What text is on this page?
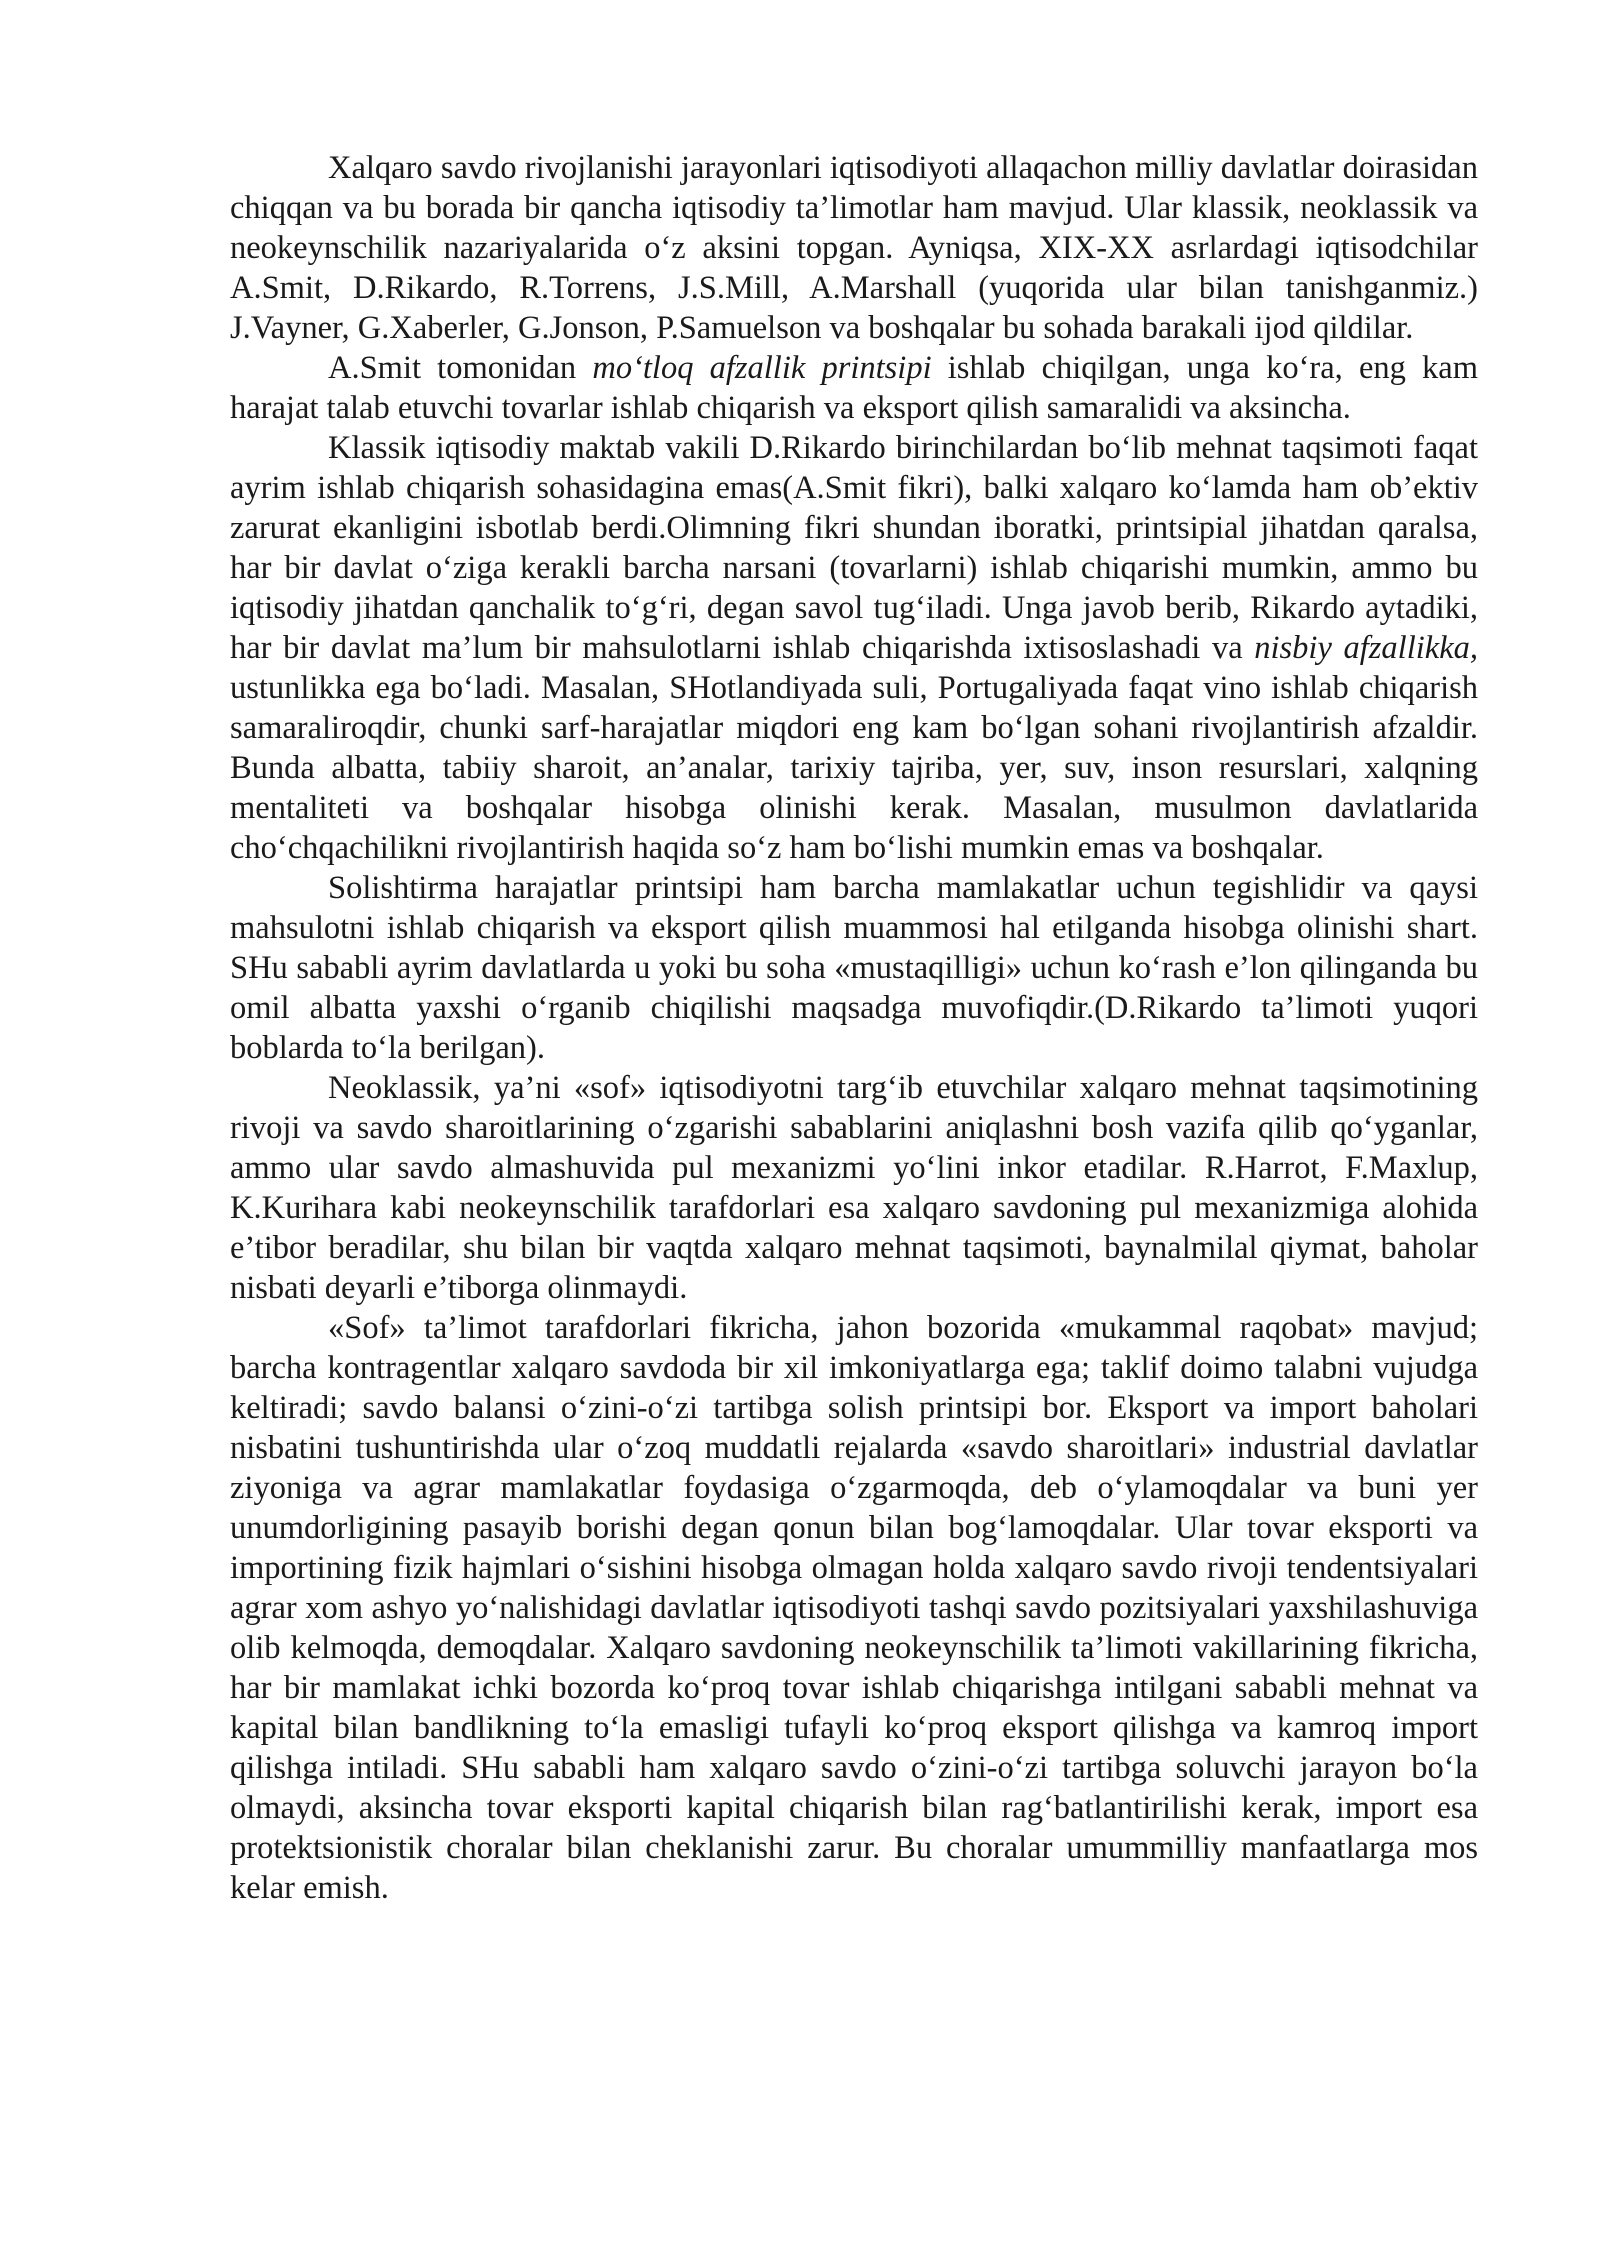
Xalqaro savdo rivojlanishi jarayonlari iqtisodiyoti allaqachon milliy davlatlar doirasidan chiqqan va bu borada bir qancha iqtisodiy ta’limotlar ham mavjud. Ular klassik, neoklassik va neokeynschilik nazariyalarida o‘z aksini topgan. Ayniqsa, XIX-XX asrlardagi iqtisodchilar A.Smit, D.Rikardo, R.Torrens, J.S.Mill, A.Marshall (yuqorida ular bilan tanishganmiz.) J.Vayner, G.Xaberler, G.Jonson, P.Samuelson va boshqalar bu sohada barakali ijod qildilar.

A.Smit tomonidan mo‘tloq afzallik printsipi ishlab chiqilgan, unga ko‘ra, eng kam harajat talab etuvchi tovarlar ishlab chiqarish va eksport qilish samaralidi va aksincha.

Klassik iqtisodiy maktab vakili D.Rikardo birinchilardan bo‘lib mehnat taqsimoti faqat ayrim ishlab chiqarish sohasidagina emas(A.Smit fikri), balki xalqaro ko‘lamda ham ob’ektiv zarurat ekanligini isbotlab berdi.Olimning fikri shundan iboratki, printsipial jihatdan qaralsa, har bir davlat o‘ziga kerakli barcha narsani (tovarlarni) ishlab chiqarishi mumkin, ammo bu iqtisodiy jihatdan qanchalik to‘g‘ri, degan savol tug‘iladi. Unga javob berib, Rikardo aytadiki, har bir davlat ma’lum bir mahsulotlarni ishlab chiqarishda ixtisoslashadi va nisbiy afzallikka, ustunlikka ega bo‘ladi. Masalan, SHotlandiyada suli, Portugaliyada faqat vino ishlab chiqarish samaraliroqdir, chunki sarf-harajatlar miqdori eng kam bo‘lgan sohani rivojlantirish afzaldir. Bunda albatta, tabiiy sharoit, an’analar, tarixiy tajriba, yer, suv, inson resurslari, xalqning mentaliteti va boshqalar hisobga olinishi kerak. Masalan, musulmon davlatlarida cho‘chqachilikni rivojlantirish haqida so‘z ham bo‘lishi mumkin emas va boshqalar.

Solishtirma harajatlar printsipi ham barcha mamlakatlar uchun tegishlidir va qaysi mahsulotni ishlab chiqarish va eksport qilish muammosi hal etilganda hisobga olinishi shart. SHu sababli ayrim davlatlarda u yoki bu soha «mustaqilligi» uchun ko‘rash e’lon qilinganda bu omil albatta yaxshi o‘rganib chiqilishi maqsadga muvofiqdir.(D.Rikardo ta’limoti yuqori boblarda to‘la berilgan).

Neoklassik, ya’ni «sof» iqtisodiyotni targ‘ib etuvchilar xalqaro mehnat taqsimotining rivoji va savdo sharoitlarining o‘zgarishi sabablarini aniqlashni bosh vazifa qilib qo‘yganlar, ammo ular savdo almashuvida pul mexanizmi yo‘lini inkor etadilar. R.Harrot, F.Maxlup, K.Kurihara kabi neokeynschilik tarafdorlari esa xalqaro savdoning pul mexanizmiga alohida e’tibor beradilar, shu bilan bir vaqtda xalqaro mehnat taqsimoti, baynalmilal qiymat, baholar nisbati deyarli e’tiborga olinmaydi.

«Sof» ta’limot tarafdorlari fikricha, jahon bozorida «mukammal raqobat» mavjud; barcha kontragentlar xalqaro savdoda bir xil imkoniyatlarga ega; taklif doimo talabni vujudga keltiradi; savdo balansi o‘zini-o‘zi tartibga solish printsipi bor. Eksport va import baholari nisbatini tushuntirishda ular o‘zoq muddatli rejalarda «savdo sharoitlari» industrial davlatlar ziyoniga va agrar mamlakatlar foydasiga o‘zgarmoqda, deb o‘ylamoqdalar va buni yer unumdorligining pasayib borishi degan qonun bilan bog‘lamoqdalar. Ular tovar eksporti va importining fizik hajmlari o‘sishini hisobga olmagan holda xalqaro savdo rivoji tendentsiyalari agrar xom ashyo yo‘nalishidagi davlatlar iqtisodiyoti tashqi savdo pozitsiyalari yaxshilashuviga olib kelmoqda, demoqdalar. Xalqaro savdoning neokeynschilik ta’limoti vakillarining fikricha, har bir mamlakat ichki bozorda ko‘proq tovar ishlab chiqarishga intilgani sababli mehnat va kapital bilan bandlikning to‘la emasligi tufayli ko‘proq eksport qilishga va kamroq import qilishga intiladi. SHu sababli ham xalqaro savdo o‘zini-o‘zi tartibga soluvchi jarayon bo‘la olmaydi, aksincha tovar eksporti kapital chiqarish bilan rag‘batlantirilishi kerak, import esa protektsionistik choralar bilan cheklanishi zarur. Bu choralar umummilliy manfaatlarga mos kelar emish.
